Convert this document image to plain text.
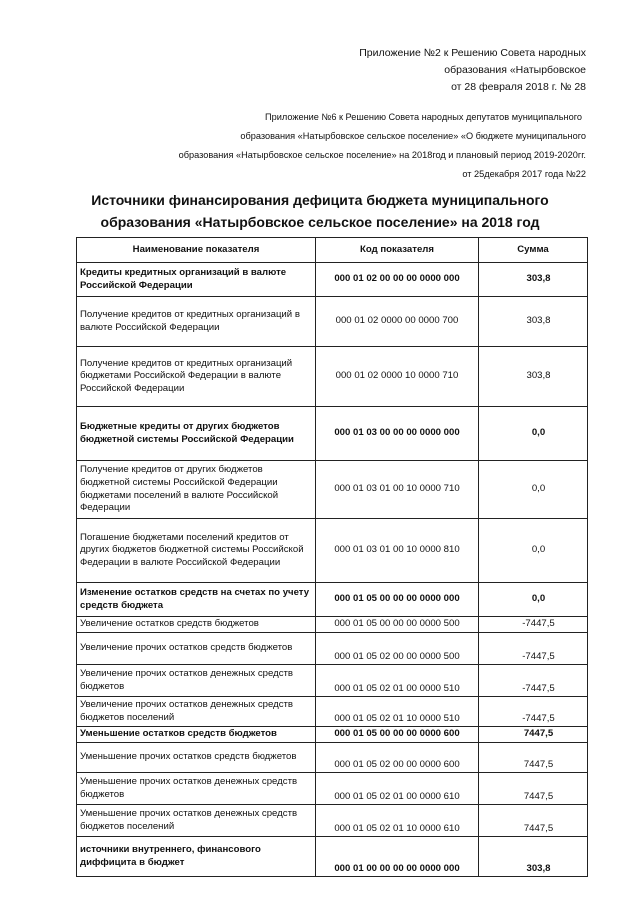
Приложение №2 к Решению Совета народных
образования «Натырбовское
от 28 февраля 2018 г. № 28
Приложение №6 к Решению Совета народных депутатов муниципального
образования «Натырбовское сельское поселение» «О бюджете муниципального
образования «Натырбовское сельское поселение» на 2018год и плановый период 2019-2020гг.
от 25декабря 2017 года №22
Источники финансирования дефицита бюджета муниципального
образования «Натырбовское сельское поселение» на 2018 год
Наименование показателя	Код показателя	Сумма
Кредиты кредитных организаций в валюте Российской Федерации	000 01 02 00 00 00 0000 000	303,8
Получение кредитов от кредитных организаций в валюте Российской Федерации	000 01 02 0000 00 0000 700	303,8
Получение кредитов от кредитных организаций бюджетами Российской Федерации в валюте Российской Федерации	000 01 02 0000 10 0000 710	303,8
Бюджетные кредиты от других бюджетов бюджетной системы Российской Федерации	000 01 03 00 00 00 0000 000	0,0
Получение кредитов от других бюджетов бюджетной системы Российской Федерации бюджетами поселений в валюте Российской Федерации	000 01 03 01 00 10 0000 710	0,0
Погашение бюджетами поселений кредитов от других бюджетов бюджетной системы Российской Федерации в валюте Российской Федерации	000 01 03 01 00 10 0000 810	0,0
Изменение остатков средств на счетах по учету средств бюджета	000 01 05 00 00 00 0000 000	0,0
Увеличение остатков средств бюджетов	000 01 05 00 00 00 0000 500	-7447,5
Увеличение прочих остатков средств бюджетов	000 01 05 02 00 00 0000 500	-7447,5
Увеличение прочих остатков денежных средств бюджетов	000 01 05 02 01 00 0000 510	-7447,5
Увеличение прочих остатков денежных средств бюджетов поселений	000 01 05 02 01 10 0000 510	-7447,5
Уменьшение остатков средств бюджетов	000 01 05 00 00 00 0000 600	7447,5
Уменьшение прочих остатков средств бюджетов	000 01 05 02 00 00 0000 600	7447,5
Уменьшение прочих остатков денежных средств бюджетов	000 01 05 02 01 00 0000 610	7447,5
Уменьшение прочих остатков денежных средств бюджетов поселений	000 01 05 02 01 10 0000 610	7447,5
источники внутреннего, финансового диффицита в бюджет	000 01 00 00 00 00 0000 000	303,8
